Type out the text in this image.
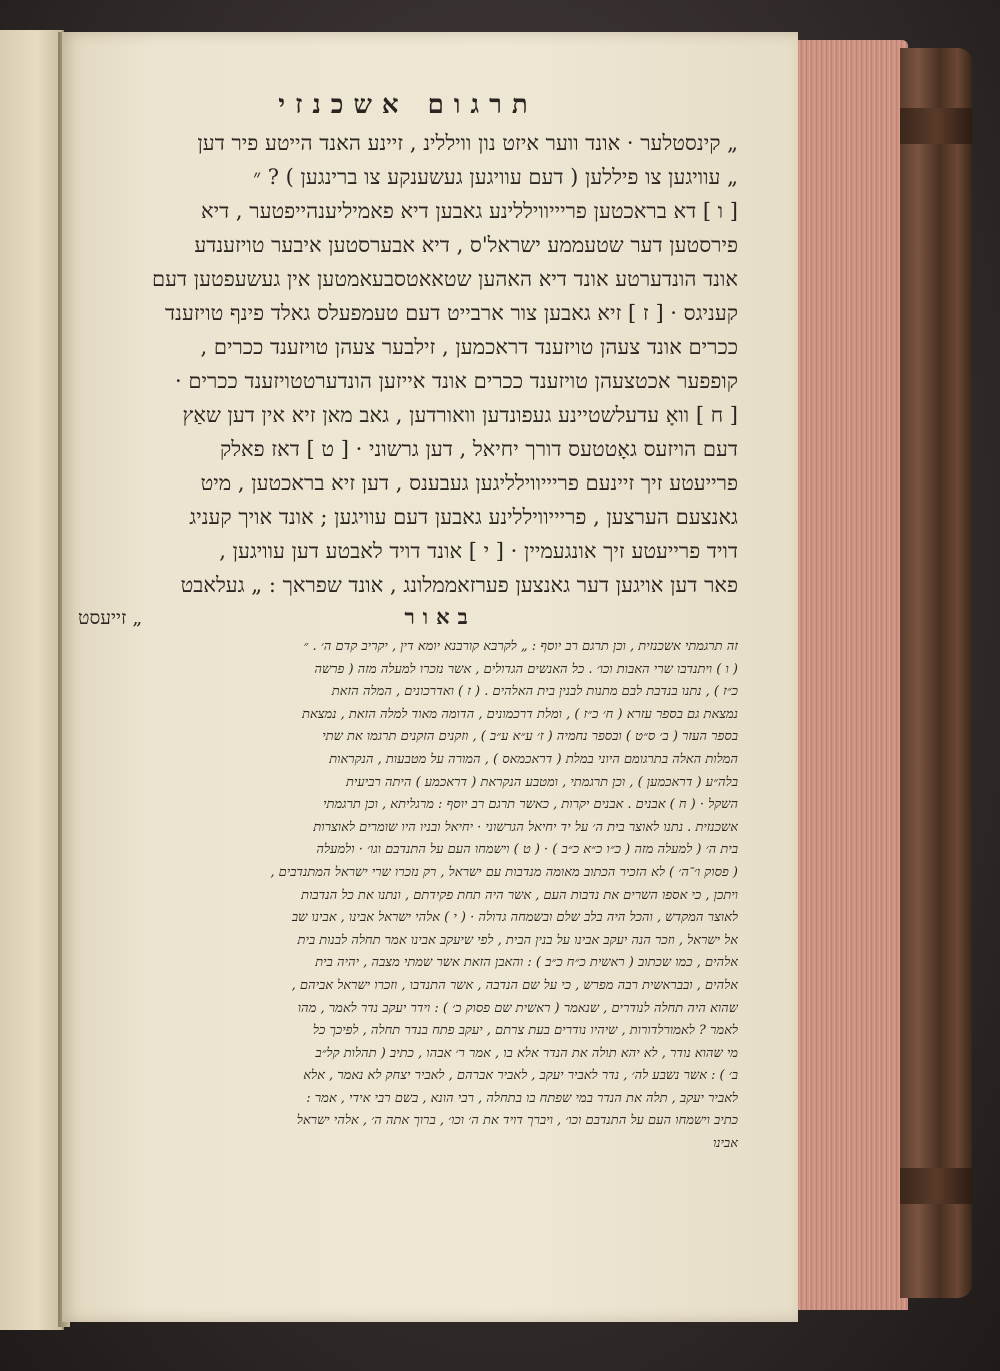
תרגום אשכנזי
„ קינסטלער · אונד ווער איזט נון וויללינ , זיינע האנד הייטע פיר דען
„ עוויגען צו פיללען ( דעם עוויגען געשענקע צו ברינגען ) ? ״
[ ו ] דא בראכטען פריייוויללינע גאבען דיא פאמיליענהייפטער , דיא
פירסטען דער שטעממע ישראל'ס , דיא אבערסטען איבער טויזענדע
אונד הונדערטע אונד דיא האהען שטאאטסבעאמטען אין געשעפטען דעם
קעניגס · [ ז ] זיא גאבען צור ארבייט דעם טעמפעלס גאלד פינף טויזענד
ככרים אונד צעהן טויזענד דראכמען , זילבער צעהן טויזענד ככרים ,
קופפער אכטצעהן טויזענד ככרים אונד אייזען הונדערטטויזענד ככרים ·
[ ח ] וואָ עדעלשטיינע געפונדען וואורדען , גאב מאן זיא אין דען שאַץ
דעם הויזעס גאָטטעס דורך יחיאל , דען גרשוני · [ ט ] דאז פאלק
פרייעטע זיך זיינעם פריייווילליגען געבענס , דען זיא בראכטען , מיט
גאנצעם הערצען , פריייוויללינע גאבען דעם עוויגען ; אונד אויך קעניג
דויד פרייעטע זיך אונגעמיין · [ י ] אונד דויד לאבטע דען עוויגען ,
פאר דען אויגען דער גאנצען פערזאממלונג , אונד שפראך : „ געלאבט
באור
„ זייעסט
זה תרגמתי אשכנזית , וכן תרגם רב יוסף : „ לקרבא קורבנא יומא דין , יקריב קדם ה׳ . ״
( ו ) ויתנדבו שרי האבות וכו׳ . כל האנשים הגדולים , אשר נזכרו למעלה מזה ( פרשה
כ״ז ) , נתנו בנדבת לבם מתנות לבנין בית האלהים . ( ז ) ואדרכונים , המלה הזאת
נמצאת גם בספר עזרא ( ח׳ כ״ז ) , ומלת דרכמונים , הדומה מאוד למלה הזאת , נמצאת
בספר העזר ( ב׳ ס״ט ) ובספר נחמיה ( ז׳ ע״א ע״ב ) , וזקנים הזקנים תרגמו את שתי
המלות האלה בתרגומם היוני במלת ( דראכמאס ) , המורה על מטבעות , הנקראות
בלה״ע ( דראכמען ) , וכן תרגמתי , ומטבע הנקראת ( דראכמע ) היתה רביעית
השקל · ( ח ) אבנים . אבנים יקרות , כאשר תרגם רב יוסף : מרגליתא , וכן תרגמתי
אשכנזית . נתנו לאוצר בית ה׳ על יד יחיאל הגרשוני · יחיאל ובניו היו שומרים לאוצרות
בית ה׳ ( למעלה מזה ( כ״ו כ״א כ״ב ) · ( ט ) וישמחו העם על התנדבם וגו׳ · ולמעלה
( פסוק ו׳־ה׳ ) לא הזכיר הכתוב מאומה מנדבות עם ישראל , רק נזכרו שרי ישראל המתנדבים ,
ויתכן , כי אספו השרים את נדבות העם , אשר היה תחת פקידתם , ונתנו את כל הנדבות
לאוצר המקדש , והכל היה בלב שלם ובשמחה גדולה · ( י ) אלהי ישראל אבינו , אבינו שב
אל ישראל , וזכר הנה יעקב אבינו על בנין הבית , לפי שיעקב אבינו אמר תחלה לבנות בית
אלהים , כמו שכתוב ( ראשית כ״ח כ״ב ) : והאבן הזאת אשר שמתי מצבה , יהיה בית
אלהים , ובבראשית רבה מפרש , כי על שם הנדבה , אשר התנדבו , וזכרו ישראל אביהם ,
שהוא היה תחלה לנודרים , שנאמר ( ראשית שם פסוק כ׳ ) : וידר יעקב נדר לאמר , מהו
לאמר ? לאמורלדורות , שיהיו נודרים בעת צרתם , יעקב פתח בנדר תחלה , לפיכך כל
מי שהוא נודר , לא יהא תולה את הנדר אלא בו , אמר ר׳ אבהו , כתיב ( תהלות קל״ב
ב׳ ) : אשר נשבע לה׳ , נדר לאביר יעקב , לאביר אברהם , לאביר יצחק לא נאמר , אלא
לאביר יעקב , תלה את הנדר במי שפתח בו בתחלה , רבי הונא , בשם רבי אידי , אמר :
כתיב וישמחו העם על התנדבם וכו׳ , ויברך דויד את ה׳ וכו׳ , ברוך אתה ה׳ , אלהי ישראל
אבינו
